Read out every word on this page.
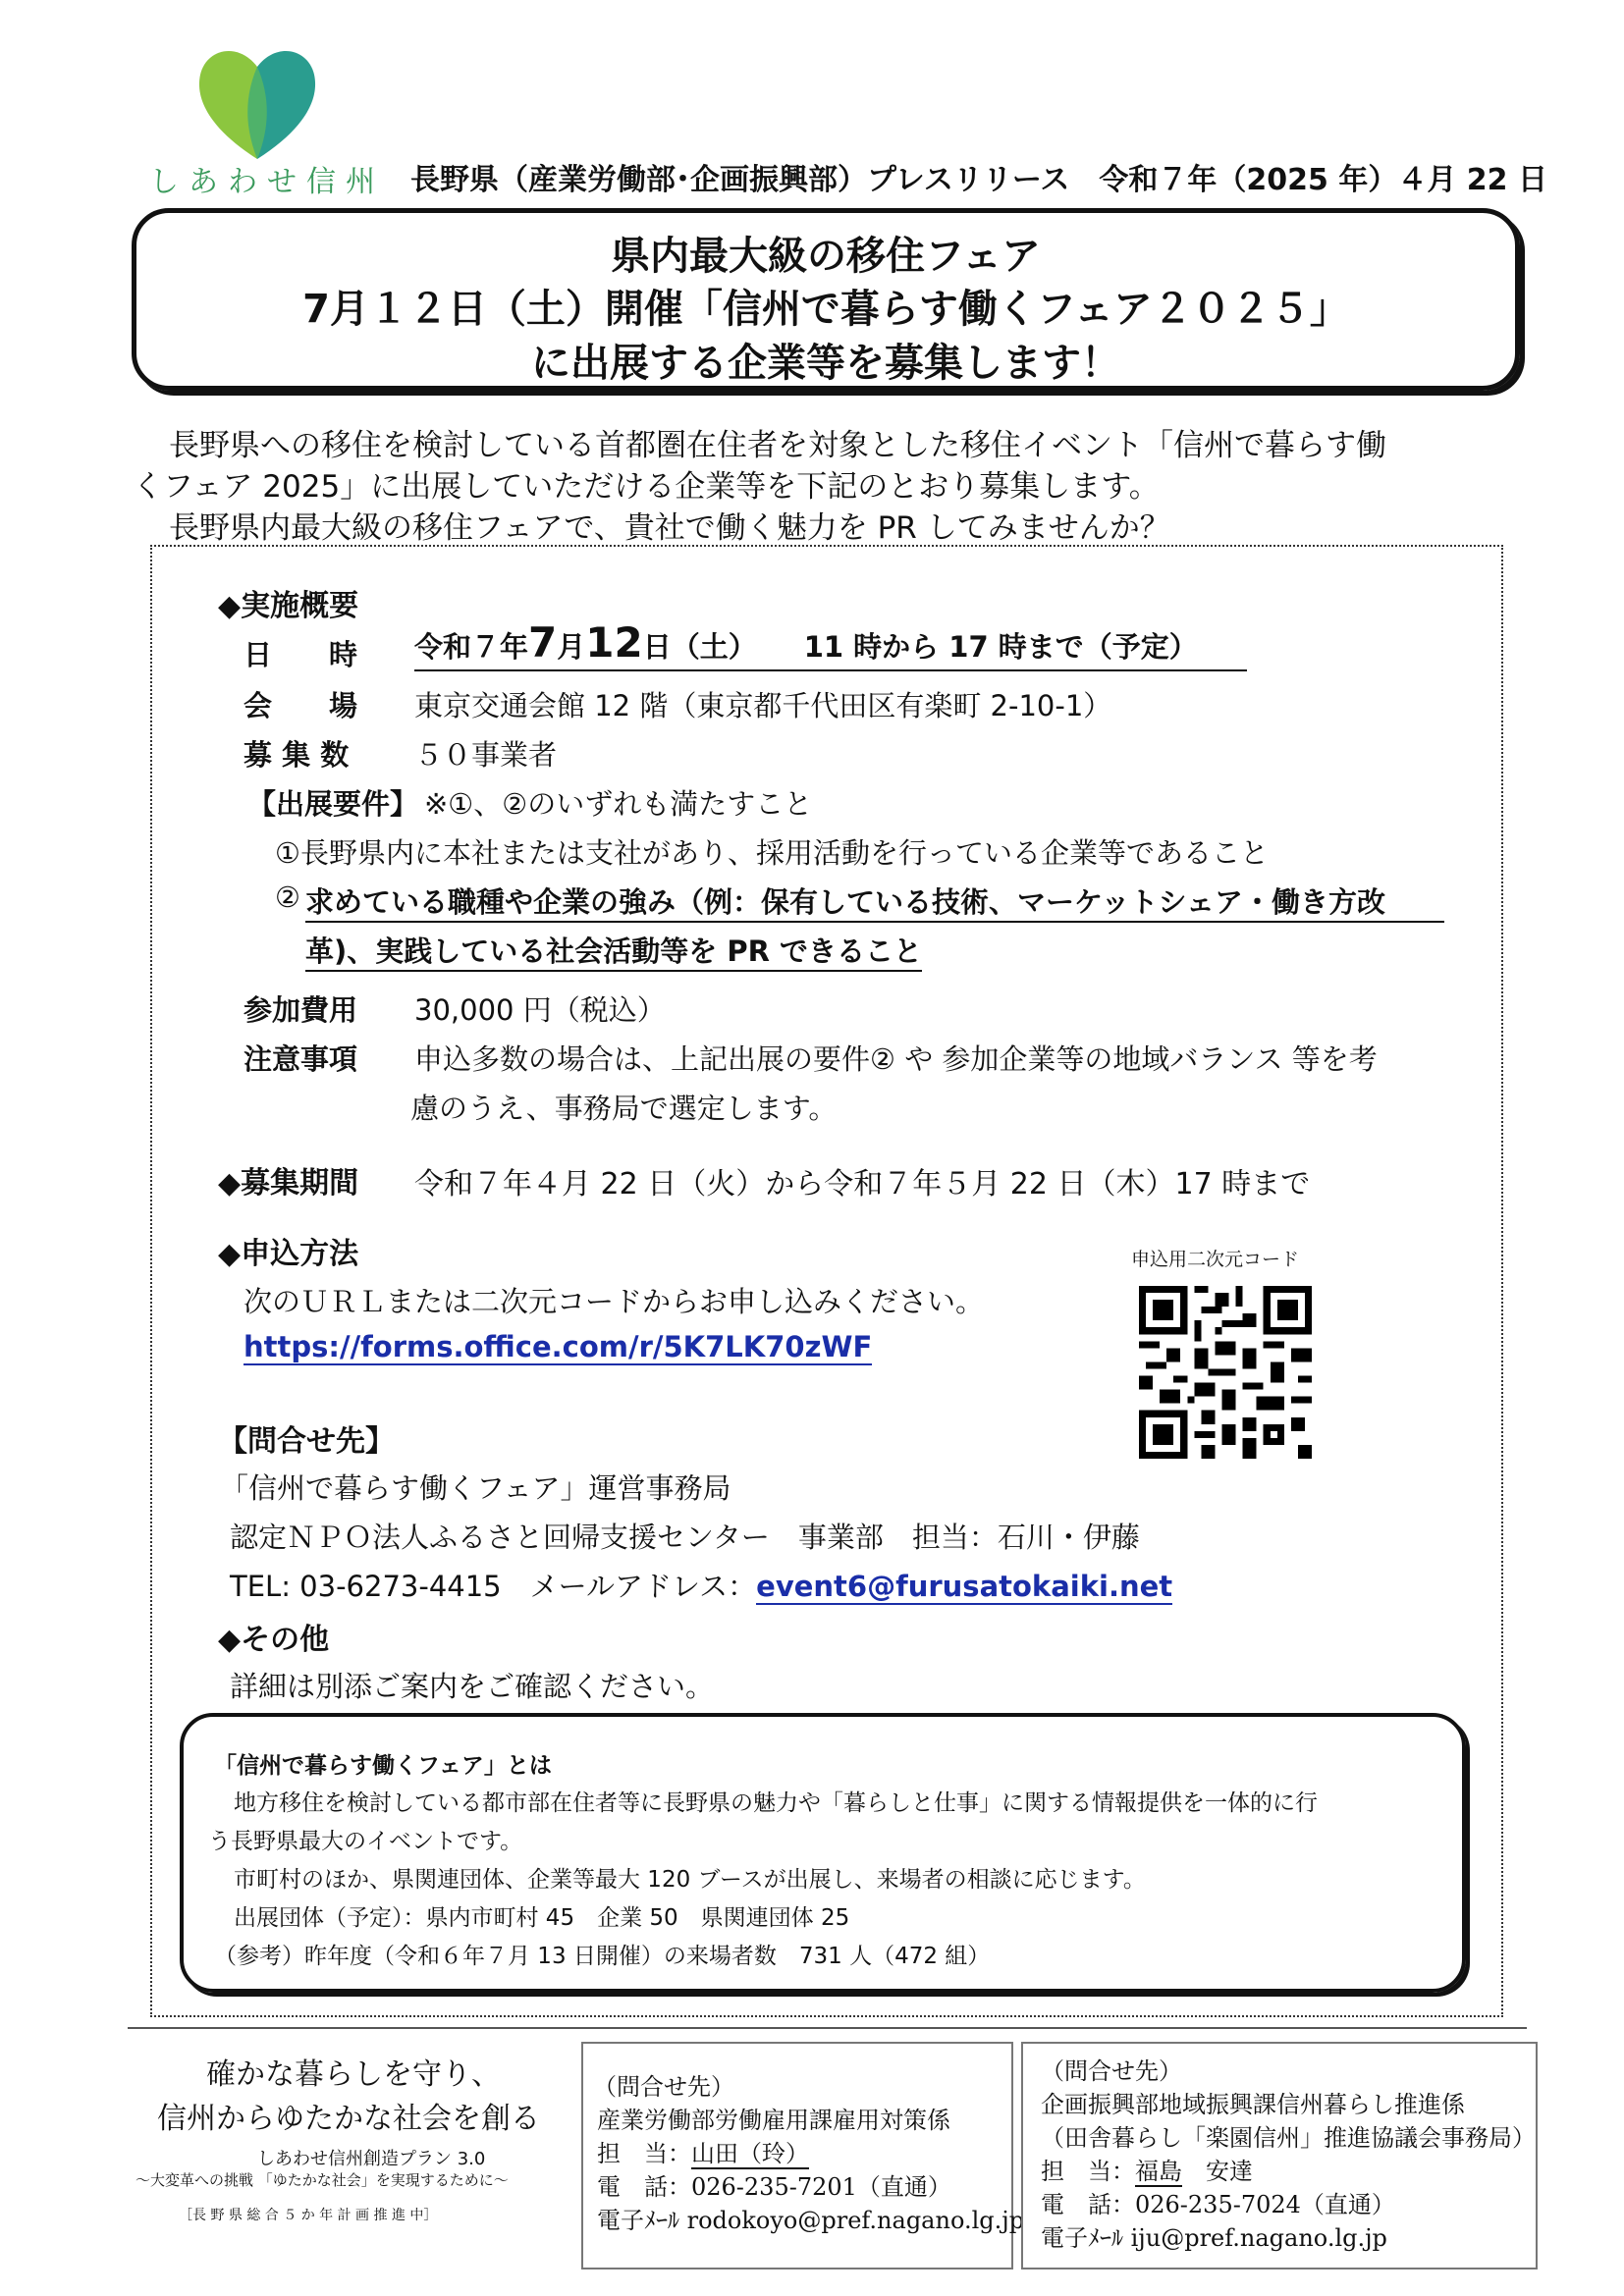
しあわせ信州 長野県（産業労働部･企画振興部）プレスリリース　令和７年（2025 年）４月 22 日
県内最大級の移住フェア
7月１２日（土）開催「信州で暮らす働くフェア２０２５」
に出展する企業等を募集します！
長野県への移住を検討している首都圏在住者を対象とした移住イベント「信州で暮らす働
くフェア 2025」に出展していただける企業等を下記のとおり募集します。
長野県内最大級の移住フェアで、貴社で働く魅力を PR してみませんか？
◆実施概要
日　　時 令和７年7月12日（土） 11 時から 17 時まで（予定）
会　　場 東京交通会館 12 階（東京都千代田区有楽町 2-10-1）
募 集 数 ５０事業者
【出展要件】 ※①、②のいずれも満たすこと
①長野県内に本社または支社があり、採用活動を行っている企業等であること
② 求めている職種や企業の強み（例：保有している技術、マーケットシェア・働き方改
革)、実践している社会活動等を PR できること
参加費用 30,000 円（税込）
注意事項 申込多数の場合は、上記出展の要件② や 参加企業等の地域バランス 等を考
慮のうえ、事務局で選定します。
◆募集期間 令和７年４月 22 日（火）から令和７年５月 22 日（木）17 時まで
◆申込方法
次のＵＲＬまたは二次元コードからお申し込みください。
https://forms.office.com/r/5K7LK70zWF
申込用二次元コード
【問合せ先】
「信州で暮らす働くフェア」運営事務局
認定ＮＰＯ法人ふるさと回帰支援センター　事業部　担当：石川・伊藤
TEL: 03-6273-4415　メールアドレス：event6@furusatokaiki.net
◆その他
詳細は別添ご案内をご確認ください。
「信州で暮らす働くフェア」とは
地方移住を検討している都市部在住者等に長野県の魅力や「暮らしと仕事」に関する情報提供を一体的に行
う長野県最大のイベントです。
市町村のほか、県関連団体、企業等最大 120 ブースが出展し、来場者の相談に応じます。
出展団体（予定）：県内市町村 45　企業 50　県関連団体 25
（参考）昨年度（令和６年７月 13 日開催）の来場者数　731 人（472 組）
確かな暮らしを守り、
信州からゆたかな社会を創る
しあわせ信州創造プラン 3.0
～大変革への挑戦 「ゆたかな社会」を実現するために～
［長 野 県 総 合 ５ か 年 計 画 推 進 中］
（問合せ先）
産業労働部労働雇用課雇用対策係
担　当：山田（玲）
電　話：026-235-7201（直通）
電子ﾒｰﾙ rodokoyo@pref.nagano.lg.jp
（問合せ先）
企画振興部地域振興課信州暮らし推進係
（田舎暮らし「楽園信州」推進協議会事務局）
担　当：福島　 安達
電　話：026-235-7024（直通）
電子ﾒｰﾙ iju@pref.nagano.lg.jp
